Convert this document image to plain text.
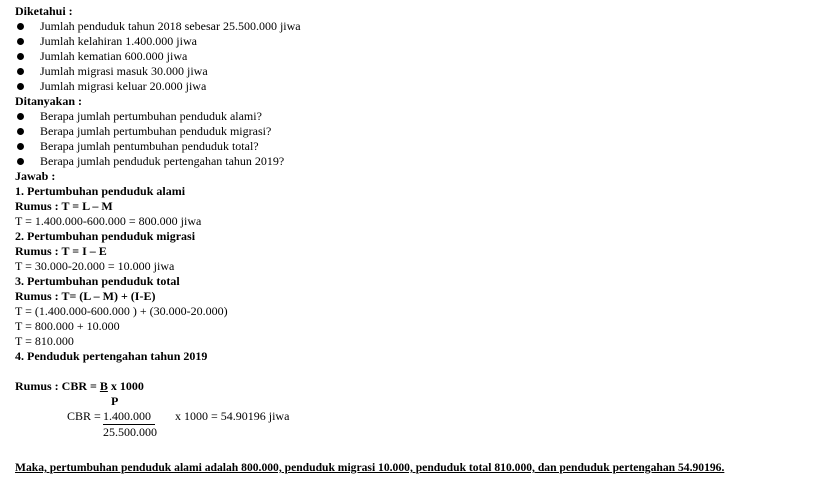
Diketahui :
Jumlah penduduk tahun 2018 sebesar 25.500.000 jiwa
Jumlah kelahiran 1.400.000 jiwa
Jumlah kematian 600.000 jiwa
Jumlah migrasi masuk 30.000 jiwa
Jumlah migrasi keluar 20.000 jiwa
Ditanyakan :
Berapa jumlah pertumbuhan penduduk alami?
Berapa jumlah pertumbuhan penduduk migrasi?
Berapa jumlah pentumbuhan penduduk total?
Berapa jumlah penduduk pertengahan tahun 2019?
Jawab :
1. Pertumbuhan penduduk alami
Rumus : T = L – M
T = 1.400.000-600.000 = 800.000 jiwa
2. Pertumbuhan penduduk migrasi
Rumus : T = I – E
T = 30.000-20.000 = 10.000 jiwa
3. Pertumbuhan penduduk total
Rumus : T= (L – M) + (I-E)
T = (1.400.000-600.000 ) + (30.000-20.000)
T = 800.000 + 10.000
T = 810.000
4. Penduduk pertengahan tahun 2019
Rumus : CBR = B x 1000
P
CBR = 1.400.000	x 1000 = 54.90196 jiwa
25.500.000
Maka, pertumbuhan penduduk alami adalah 800.000, penduduk migrasi 10.000, penduduk total 810.000, dan penduduk pertengahan 54.90196.
